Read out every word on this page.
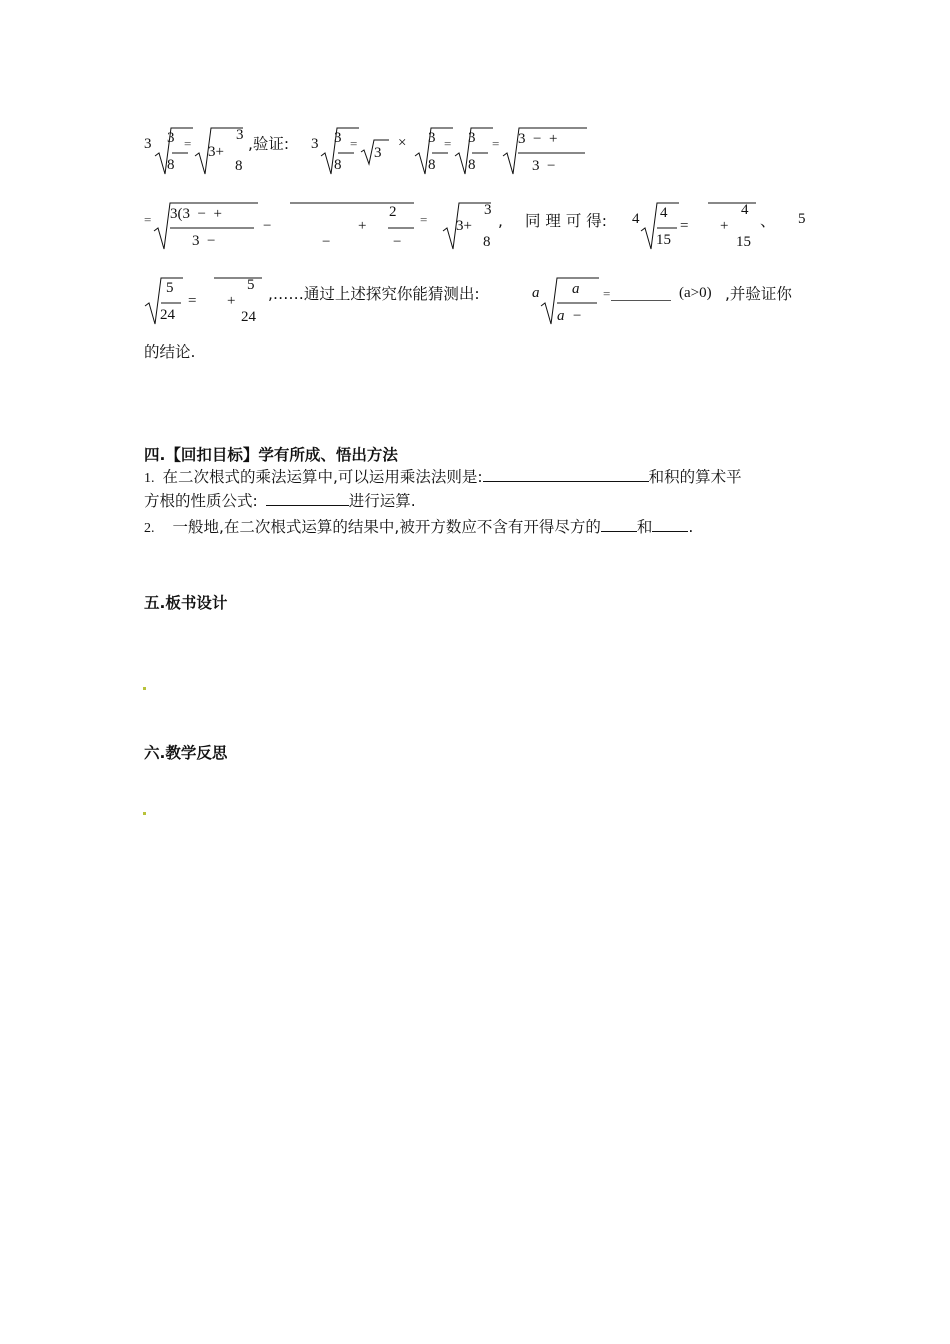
3 3
8
=
3+
3
8
,验证: 3 3
8
=
3
× 3
8
= 3
8
= 3  −  +
3  −
= 3(3  −  +
3  −
−
−
+
2
−
= 3+
3
8
, 同 理 可 得: 4 4
15
= +
4
15
、 5
5
24
= +
5
24
,……通过上述探究你能猜测出:	a a
a  −
=	(a>0) ,并验证你
的结论.
四.【回扣目标】学有所成、悟出方法
1. 在二次根式的乘法运算中,可以运用乘法法则是:	和积的算术平
方根的性质公式:	进行运算.
2. 一般地,在二次根式运算的结果中,被开方数应不含有开得尽方的 和 .
五.板书设计
六.教学反思
